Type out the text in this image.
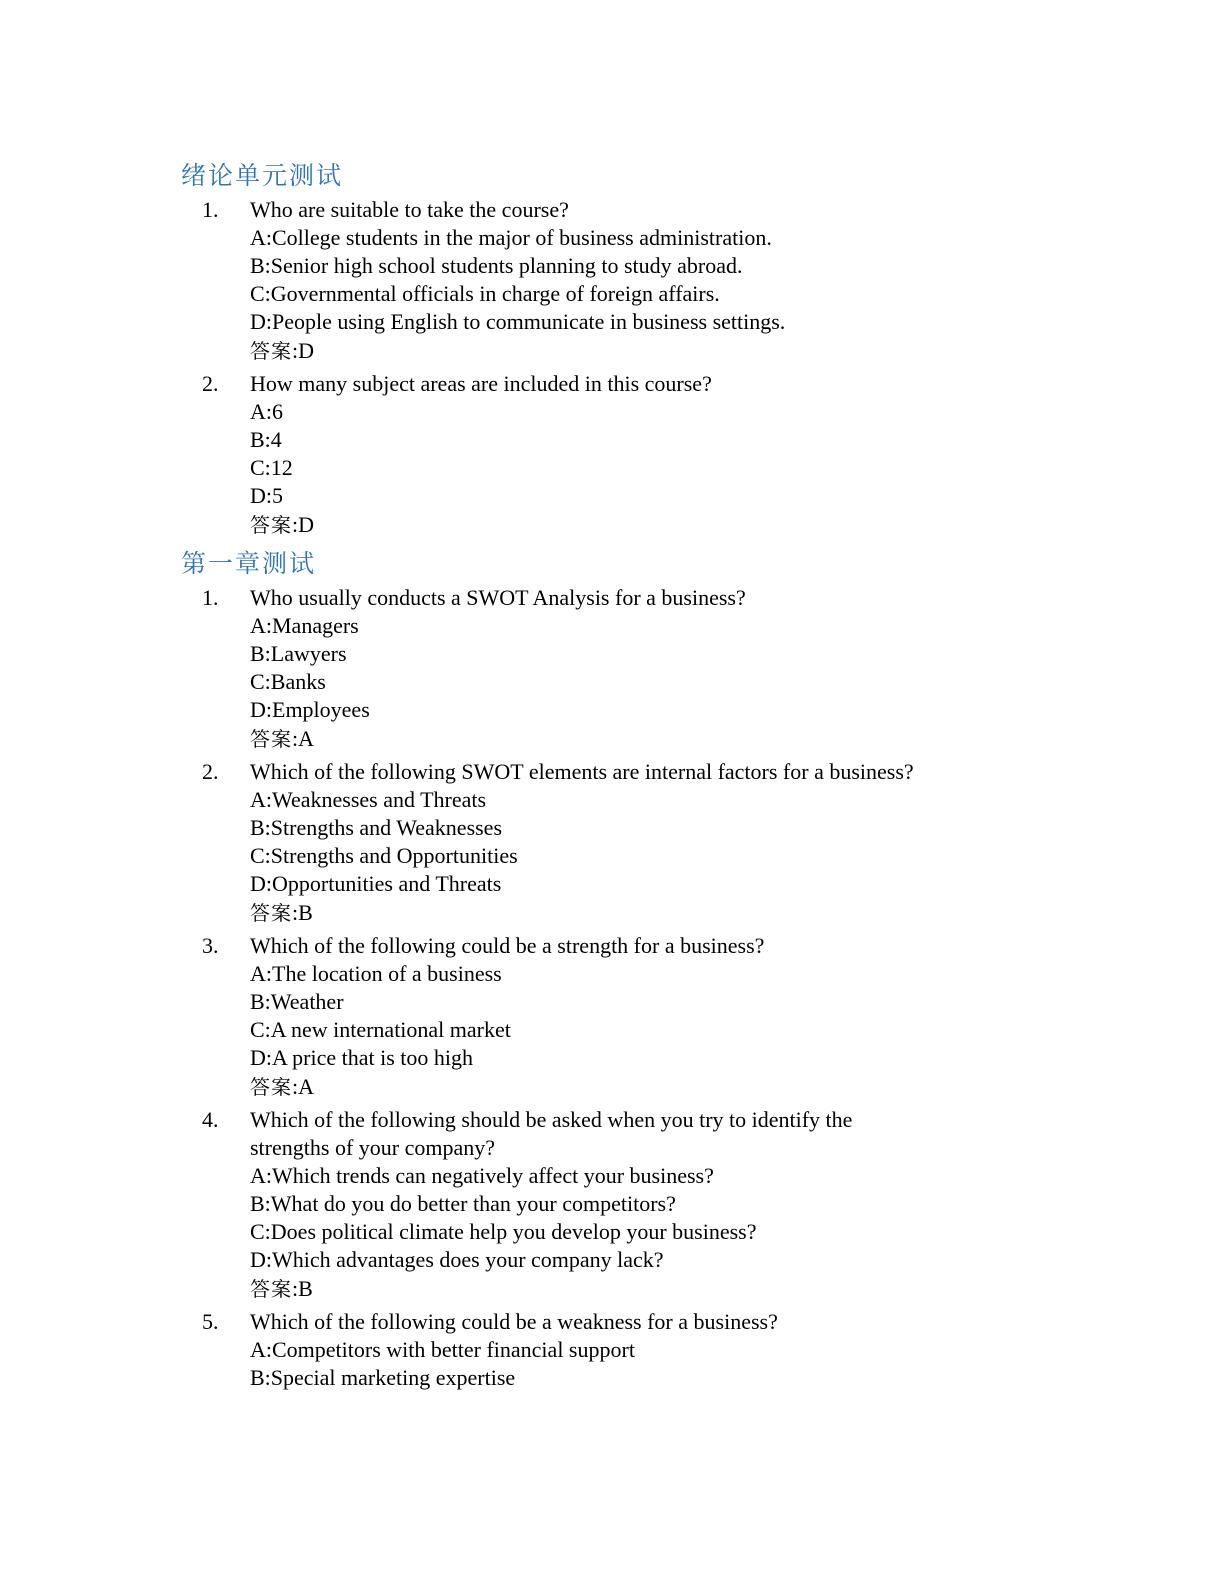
绪论单元测试
1. Who are suitable to take the course?
A:College students in the major of business administration.
B:Senior high school students planning to study abroad.
C:Governmental officials in charge of foreign affairs.
D:People using English to communicate in business settings.
答案:D
2. How many subject areas are included in this course?
A:6
B:4
C:12
D:5
答案:D
第一章测试
1. Who usually conducts a SWOT Analysis for a business?
A:Managers
B:Lawyers
C:Banks
D:Employees
答案:A
2. Which of the following SWOT elements are internal factors for a business?
A:Weaknesses and Threats
B:Strengths and Weaknesses
C:Strengths and Opportunities
D:Opportunities and Threats
答案:B
3. Which of the following could be a strength for a business?
A:The location of a business
B:Weather
C:A new international market
D:A price that is too high
答案:A
4. Which of the following should be asked when you try to identify the
strengths of your company?
A:Which trends can negatively affect your business?
B:What do you do better than your competitors?
C:Does political climate help you develop your business?
D:Which advantages does your company lack?
答案:B
5. Which of the following could be a weakness for a business?
A:Competitors with better financial support
B:Special marketing expertise
